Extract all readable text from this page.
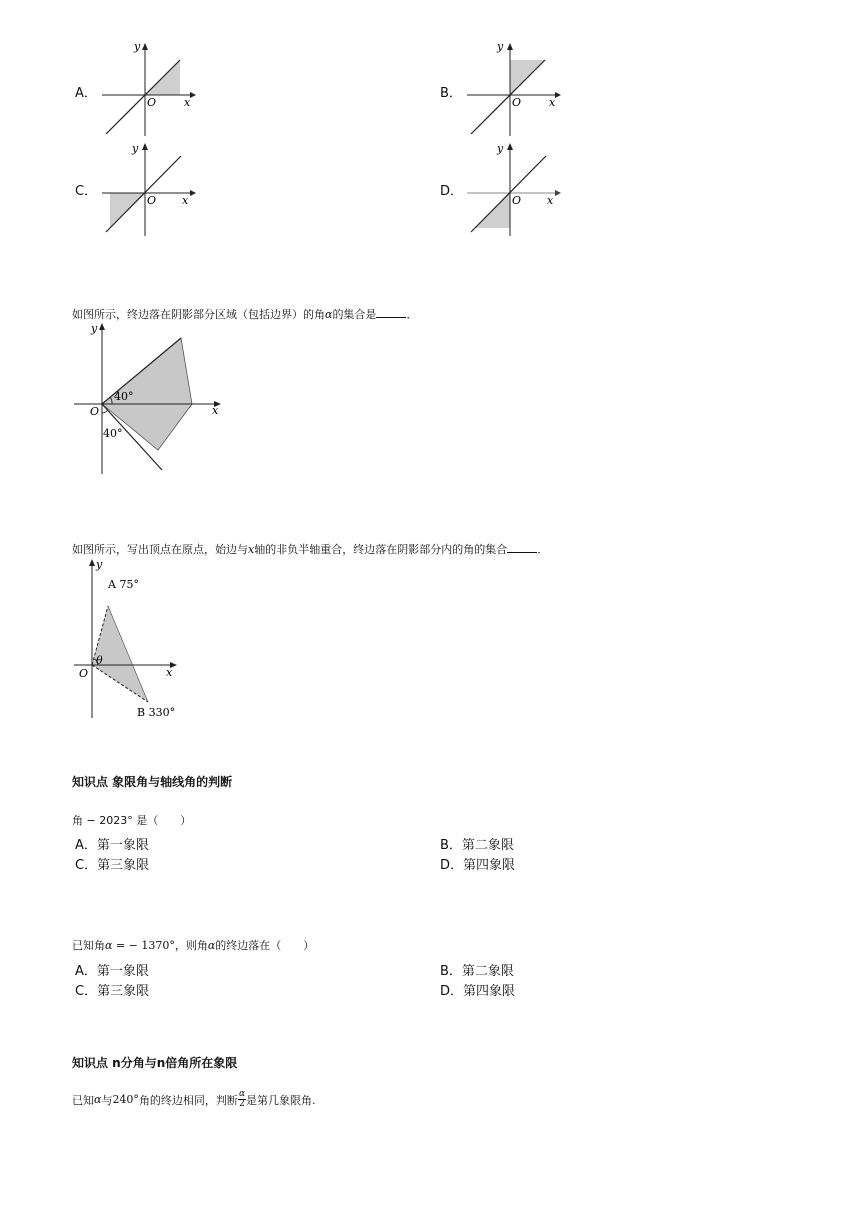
A．	B．
C．	D．
y
x
O
y
x
O
y
x
O
y
x
O
如图所示，终边落在阴影部分区域（包括边界）的角α的集合是	．
y
x
O
40°
40°
如图所示，写出顶点在原点，始边与x轴的非负半轴重合，终边落在阴影部分内的角的集合	．
y
x
O
θ
A 75°
B 330°
知识点 象限角与轴线角的判断
角 − 2023° 是（　　）
A．第一象限	B．第二象限
C．第三象限	D．第四象限
已知角α = − 1370°，则角α的终边落在（　　）
A．第一象限	B．第二象限
C．第三象限	D．第四象限
知识点 n分角与n倍角所在象限
已知 α 与 240° 角的终边相同，判断 $\frac{\alpha}{2}$ 是第几象限角.
